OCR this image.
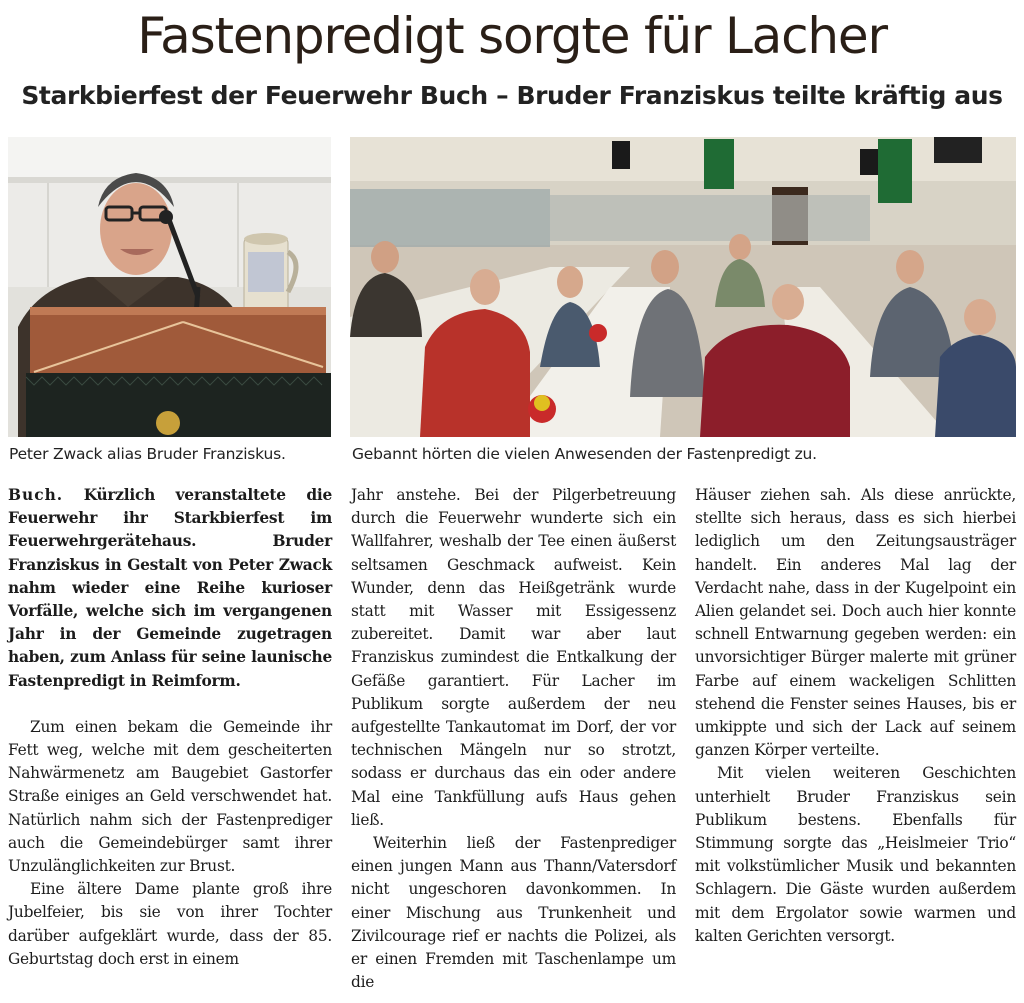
Fastenpredigt sorgte für Lacher
Starkbierfest der Feuerwehr Buch – Bruder Franziskus teilte kräftig aus
Peter Zwack alias Bruder Franziskus.	Gebannt hörten die vielen Anwesenden der Fastenpredigt zu.

Buch. Kürzlich veranstaltete die Feuerwehr ihr Starkbierfest im Feuerwehrgerätehaus. Bruder Franziskus in Gestalt von Peter Zwack nahm wieder eine Reihe kurioser Vorfälle, welche sich im vergangenen Jahr in der Gemeinde zugetragen haben, zum Anlass für seine launische Fastenpredigt in Reimform.

Zum einen bekam die Gemeinde ihr Fett weg, welche mit dem gescheiterten Nahwärmenetz am Baugebiet Gastorfer Straße einiges an Geld verschwendet hat. Natürlich nahm sich der Fastenprediger auch die Gemeindebürger samt ihrer Unzulänglichkeiten zur Brust.

Eine ältere Dame plante groß ihre Jubelfeier, bis sie von ihrer Tochter darüber aufgeklärt wurde, dass der 85. Geburtstag doch erst in einem

Jahr anstehe. Bei der Pilgerbetreuung durch die Feuerwehr wunderte sich ein Wallfahrer, weshalb der Tee einen äußerst seltsamen Geschmack aufweist. Kein Wunder, denn das Heißgetränk wurde statt mit Wasser mit Essigessenz zubereitet. Damit war aber laut Franziskus zumindest die Entkalkung der Gefäße garantiert. Für Lacher im Publikum sorgte außerdem der neu aufgestellte Tankautomat im Dorf, der vor technischen Mängeln nur so strotzt, sodass er durchaus das ein oder andere Mal eine Tankfüllung aufs Haus gehen ließ.

Weiterhin ließ der Fastenprediger einen jungen Mann aus Thann/Vatersdorf nicht ungeschoren davonkommen. In einer Mischung aus Trunkenheit und Zivilcourage rief er nachts die Polizei, als er einen Fremden mit Taschenlampe um die

Häuser ziehen sah. Als diese anrückte, stellte sich heraus, dass es sich hierbei lediglich um den Zeitungsausträger handelt. Ein anderes Mal lag der Verdacht nahe, dass in der Kugelpoint ein Alien gelandet sei. Doch auch hier konnte schnell Entwarnung gegeben werden: ein unvorsichtiger Bürger malerte mit grüner Farbe auf einem wackeligen Schlitten stehend die Fenster seines Hauses, bis er umkippte und sich der Lack auf seinem ganzen Körper verteilte.

Mit vielen weiteren Geschichten unterhielt Bruder Franziskus sein Publikum bestens. Ebenfalls für Stimmung sorgte das „Heislmeier Trio“ mit volkstümlicher Musik und bekannten Schlagern. Die Gäste wurden außerdem mit dem Ergolator sowie warmen und kalten Gerichten versorgt.
